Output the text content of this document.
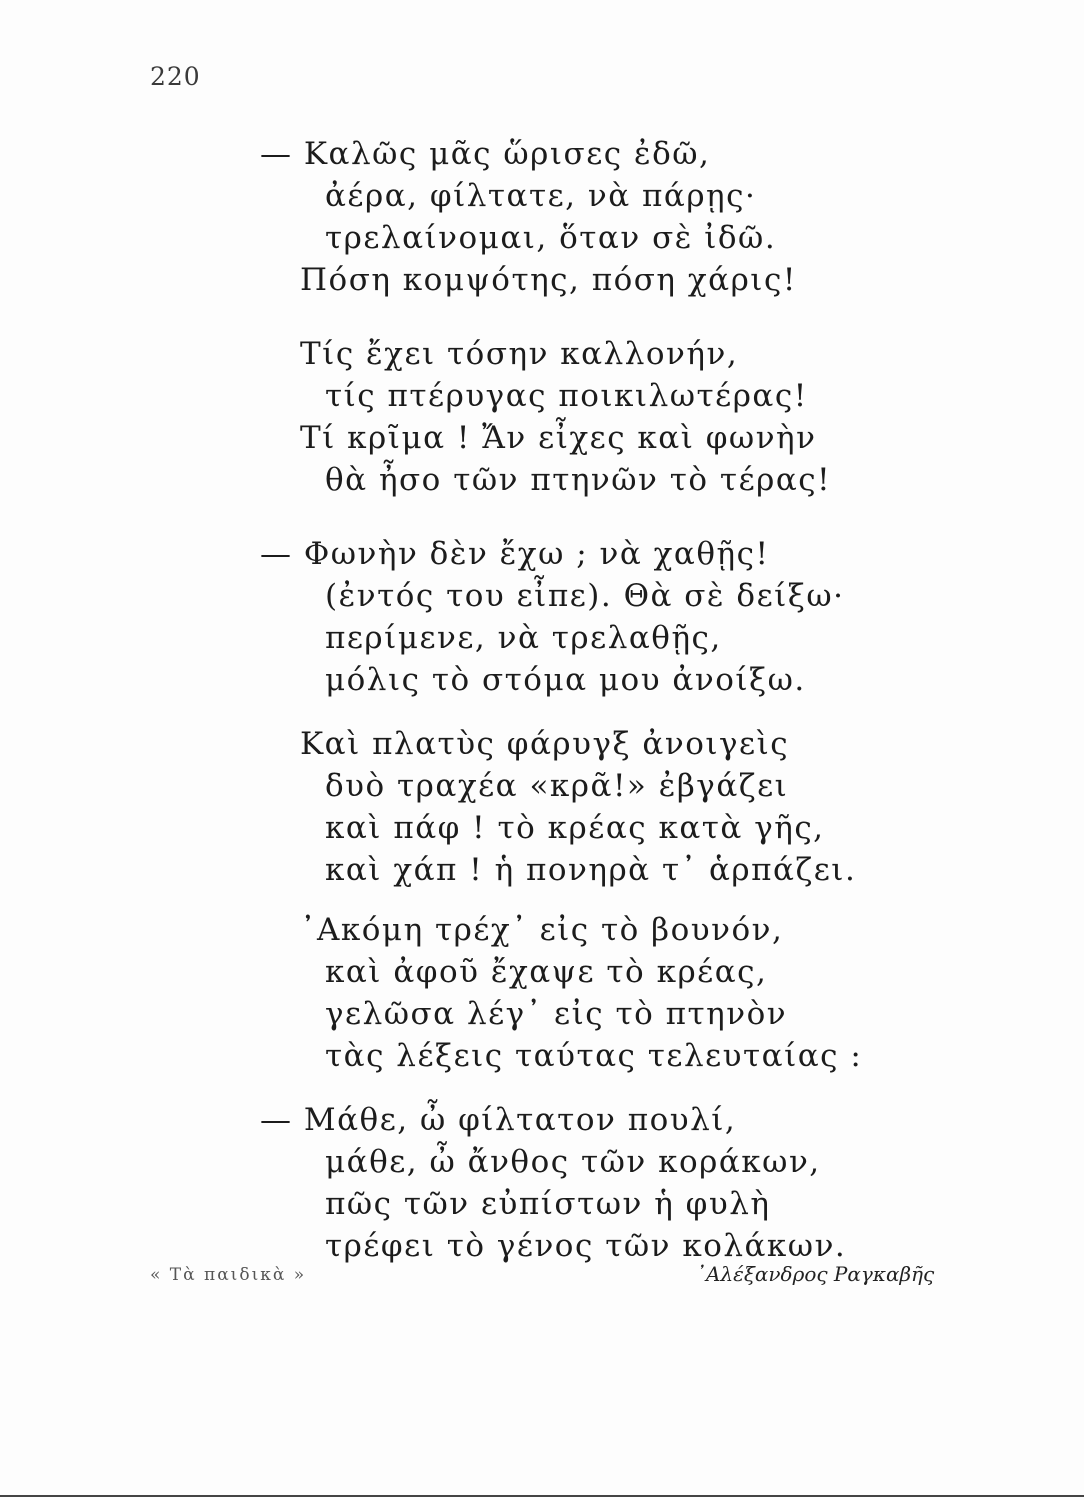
220
— Καλῶς μᾶς ὥρισες ἐδῶ,
ἀέρα, φίλτατε, νὰ πάρῃς·
τρελαίνομαι, ὅταν σὲ ἰδῶ.
Πόση κομψότης, πόση χάρις!
Τίς ἔχει τόσην καλλονήν,
τίς πτέρυγας ποικιλωτέρας!
Τί κρῖμα ! Ἄν εἶχες καὶ φωνὴν
θὰ ἦσο τῶν πτηνῶν τὸ τέρας!
— Φωνὴν δὲν ἔχω ; νὰ χαθῇς!
(ἐντός του εἶπε). Θὰ σὲ δείξω·
περίμενε, νὰ τρελαθῇς,
μόλις τὸ στόμα μου ἀνοίξω.
Καὶ πλατὺς φάρυγξ ἀνοιγεὶς
δυὸ τραχέα «κρᾶ!» ἐβγάζει
καὶ πάφ ! τὸ κρέας κατὰ γῆς,
καὶ χάπ ! ἡ πονηρὰ τ᾽ ἁρπάζει.
᾽Ακόμη τρέχ᾽ εἰς τὸ βουνόν,
καὶ ἀφοῦ ἔχαψε τὸ κρέας,
γελῶσα λέγ᾽ εἰς τὸ πτηνὸν
τὰς λέξεις ταύτας τελευταίας :
— Μάθε, ὦ φίλτατον πουλί,
μάθε, ὦ ἄνθος τῶν κοράκων,
πῶς τῶν εὐπίστων ἡ φυλὴ
τρέφει τὸ γένος τῶν κολάκων.
« Τὰ παιδικὰ »	᾽Αλέξανδρος Ραγκαβῆς
